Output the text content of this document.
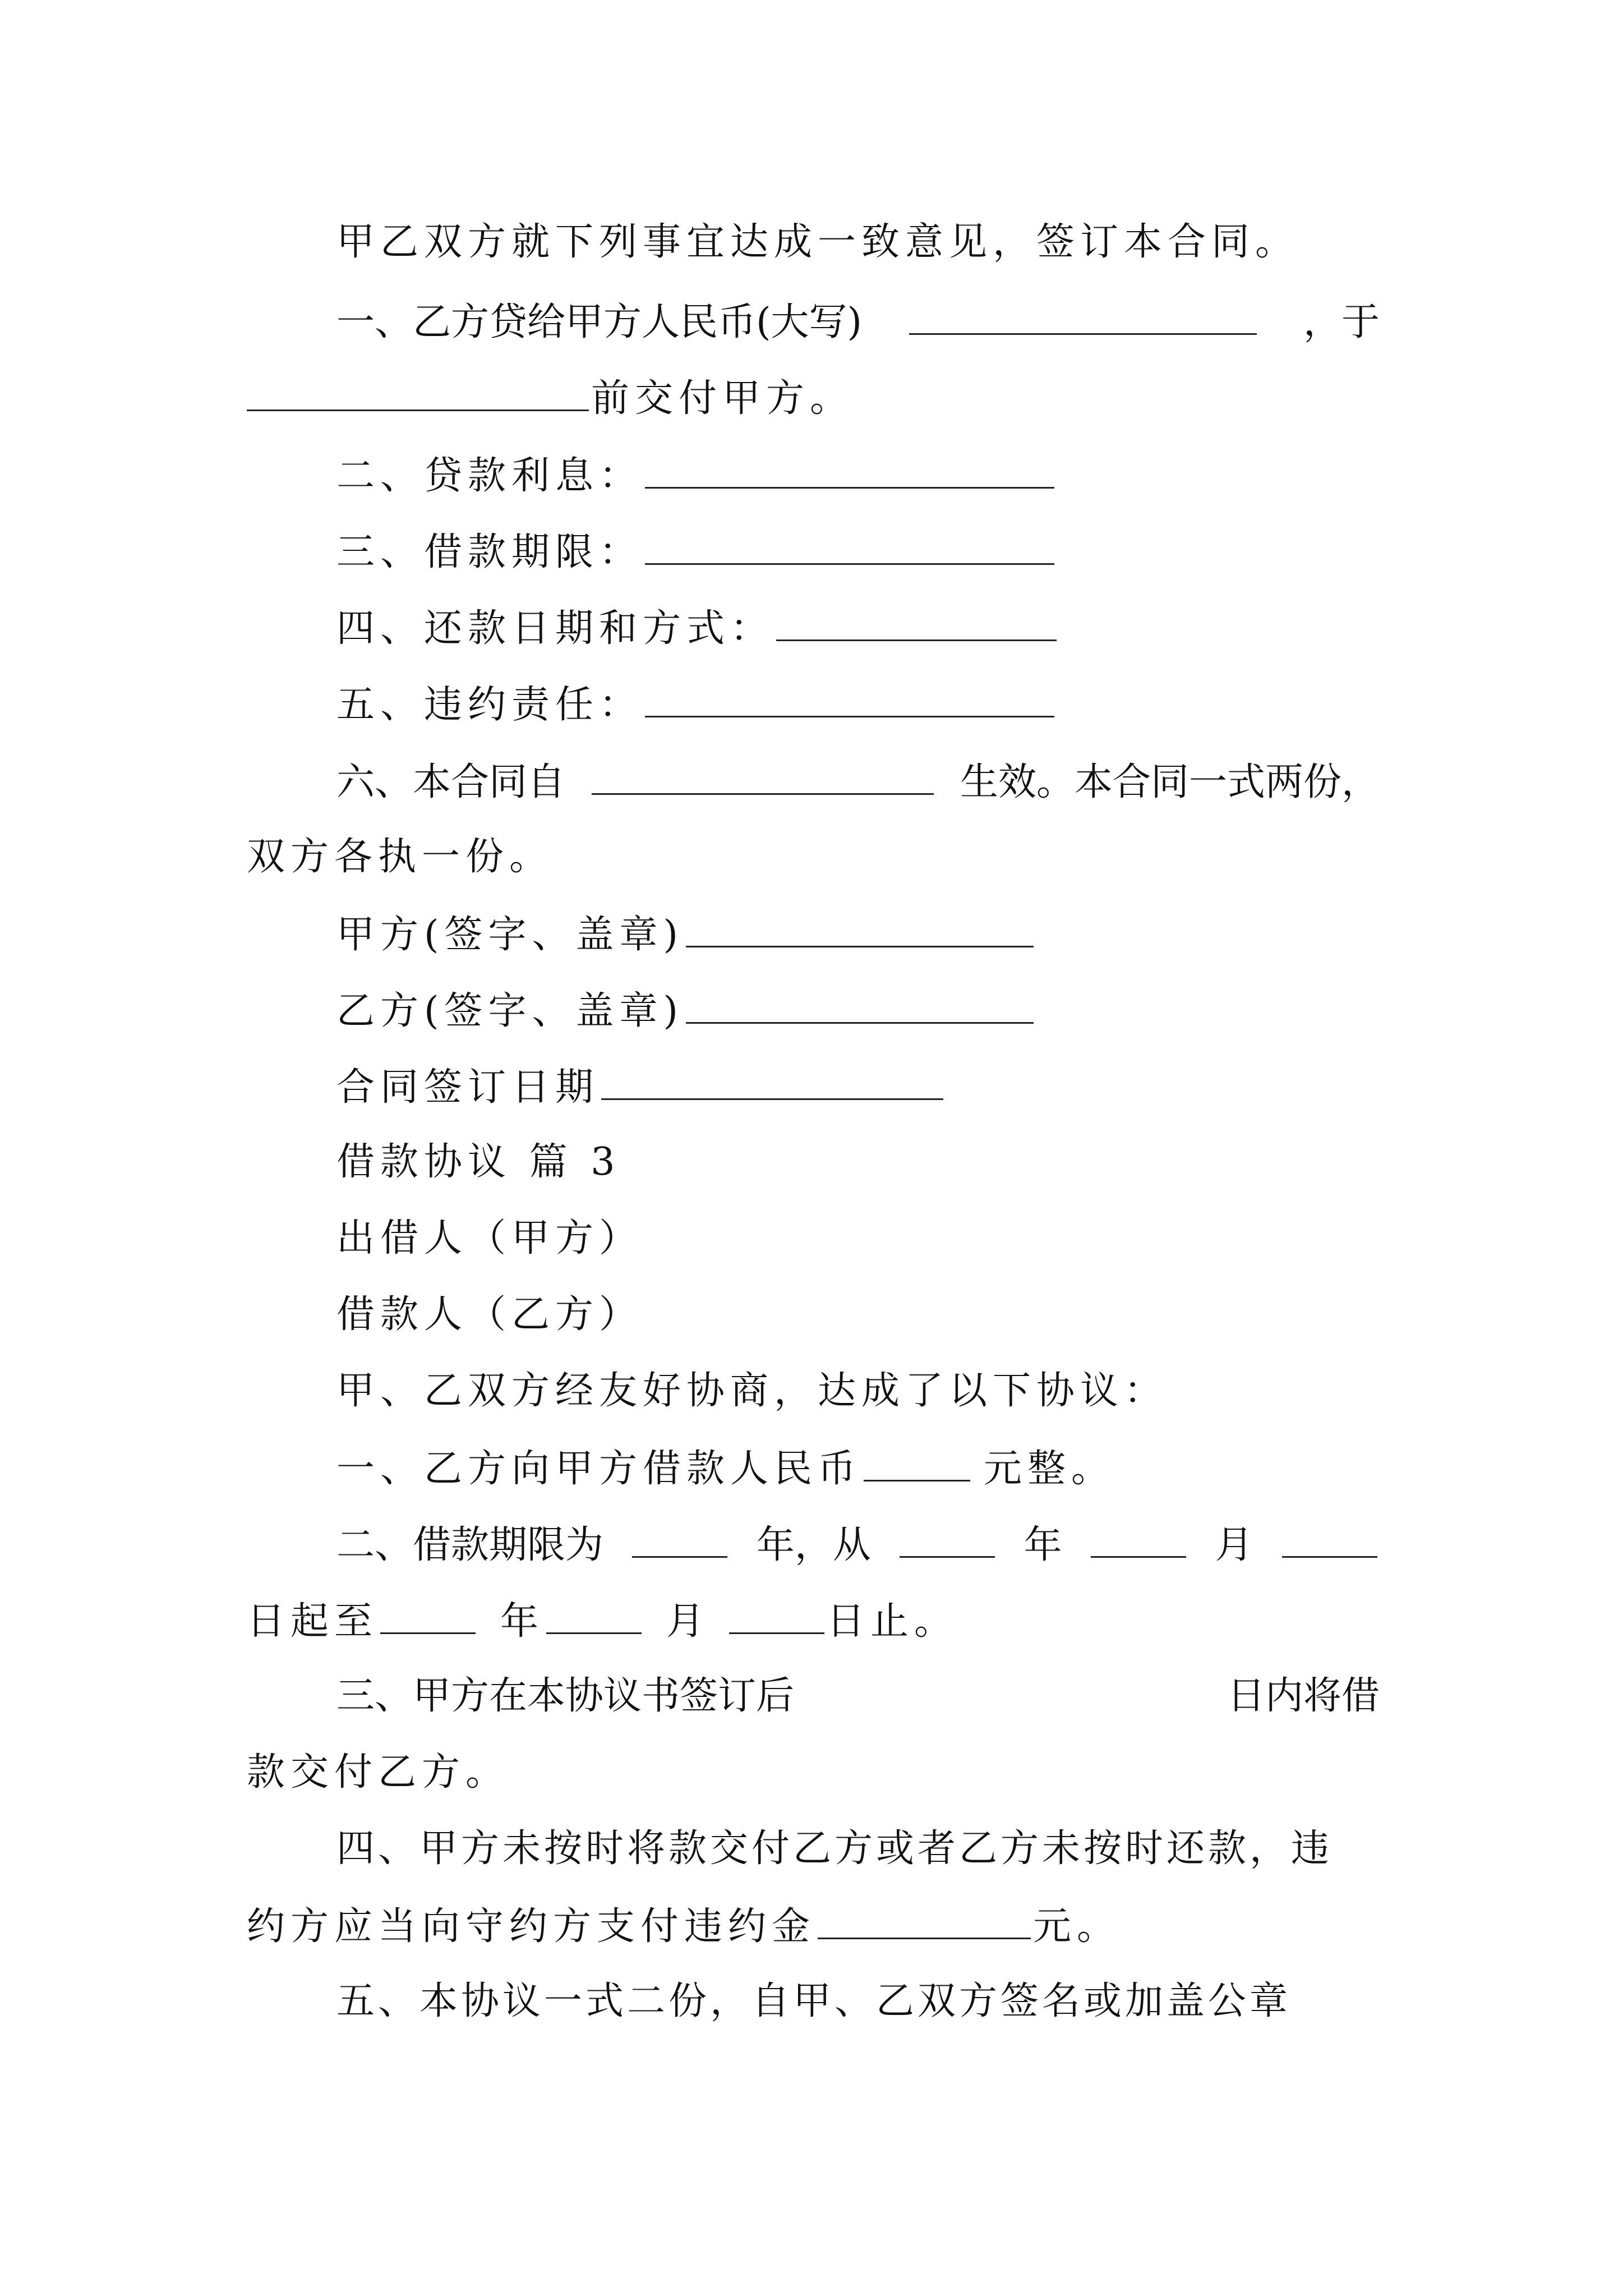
甲乙双方就下列事宜达成一致意见，签订本合同。
一、乙方贷给甲方人民币(大写)	，于
前交付甲方。
二、贷款利息：
三、借款期限：
四、还款日期和方式：
五、违约责任：
六、本合同自	生效。本合同一式两份，
双方各执一份。
甲方(签字、盖章)
乙方(签字、盖章)
合同签订日期
借款协议 篇 3
出借人（甲方）
借款人（乙方）
甲、乙双方经友好协商，达成了以下协议：
一、乙方向甲方借款人民币	元整。
二、借款期限为	年，从	年	月
日起至	年	月	日止。
三、甲方在本协议书签订后	日内将借
款交付乙方。
四、甲方未按时将款交付乙方或者乙方未按时还款，违
约方应当向守约方支付违约金	元。
五、本协议一式二份，自甲、乙双方签名或加盖公章
